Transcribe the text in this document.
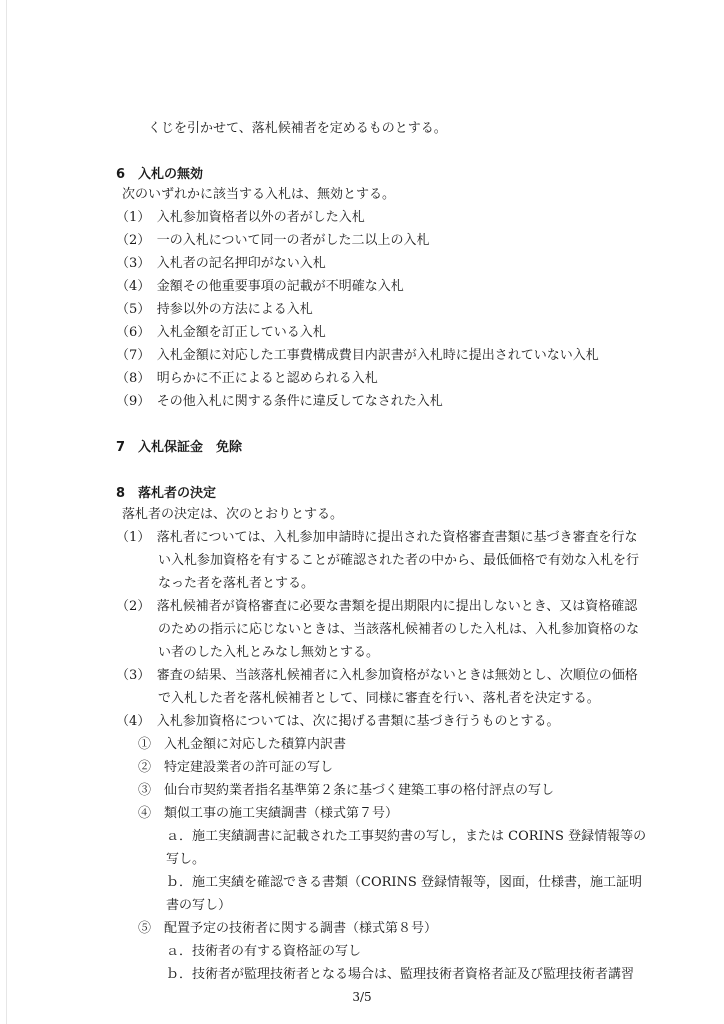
くじを引かせて、落札候補者を定めるものとする。
6　入札の無効
次のいずれかに該当する入札は、無効とする。
（1）　入札参加資格者以外の者がした入札
（2）　一の入札について同一の者がした二以上の入札
（3）　入札者の記名押印がない入札
（4）　金額その他重要事項の記載が不明確な入札
（5）　持参以外の方法による入札
（6）　入札金額を訂正している入札
（7）　入札金額に対応した工事費構成費目内訳書が入札時に提出されていない入札
（8）　明らかに不正によると認められる入札
（9）　その他入札に関する条件に違反してなされた入札
7　入札保証金　免除
8　落札者の決定
落札者の決定は、次のとおりとする。
（1）　落札者については、入札参加申請時に提出された資格審査書類に基づき審査を行な
い入札参加資格を有することが確認された者の中から、最低価格で有効な入札を行
なった者を落札者とする。
（2）　落札候補者が資格審査に必要な書類を提出期限内に提出しないとき、又は資格確認
のための指示に応じないときは、当該落札候補者のした入札は、入札参加資格のな
い者のした入札とみなし無効とする。
（3）　審査の結果、当該落札候補者に入札参加資格がないときは無効とし、次順位の価格
で入札した者を落札候補者として、同様に審査を行い、落札者を決定する。
（4）　入札参加資格については、次に掲げる書類に基づき行うものとする。
①　入札金額に対応した積算内訳書
②　特定建設業者の許可証の写し
③　仙台市契約業者指名基準第２条に基づく建築工事の格付評点の写し
④　類似工事の施工実績調書（様式第７号）
ａ．施工実績調書に記載された工事契約書の写し，または CORINS 登録情報等の
写し。
ｂ．施工実績を確認できる書類（CORINS 登録情報等，図面，仕様書，施工証明
書の写し）
⑤　配置予定の技術者に関する調書（様式第８号）
ａ．技術者の有する資格証の写し
ｂ．技術者が監理技術者となる場合は、監理技術者資格者証及び監理技術者講習
3/5
